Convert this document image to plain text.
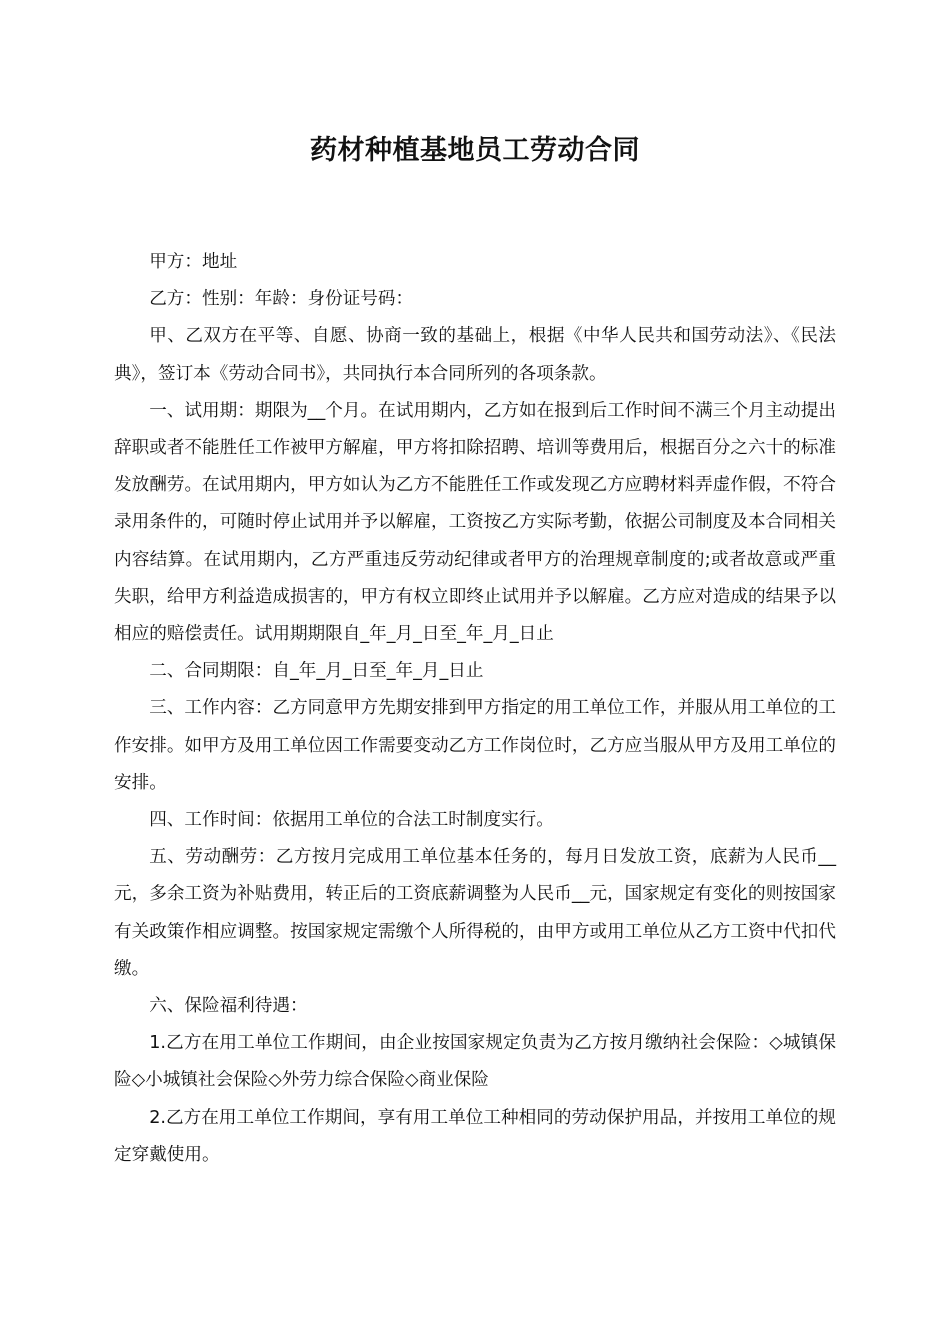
药材种植基地员工劳动合同

甲方：地址

乙方：性别：年龄：身份证号码：

甲、乙双方在平等、自愿、协商一致的基础上，根据《中华人民共和国劳动法》、《民法典》，签订本《劳动合同书》，共同执行本合同所列的各项条款。

一、试用期：期限为__个月。在试用期内，乙方如在报到后工作时间不满三个月主动提出辞职或者不能胜任工作被甲方解雇，甲方将扣除招聘、培训等费用后，根据百分之六十的标准发放酬劳。在试用期内，甲方如认为乙方不能胜任工作或发现乙方应聘材料弄虚作假，不符合录用条件的，可随时停止试用并予以解雇，工资按乙方实际考勤，依据公司制度及本合同相关内容结算。在试用期内，乙方严重违反劳动纪律或者甲方的治理规章制度的;或者故意或严重失职，给甲方利益造成损害的，甲方有权立即终止试用并予以解雇。乙方应对造成的结果予以相应的赔偿责任。试用期期限自_年_月_日至_年_月_日止

二、合同期限：自_年_月_日至_年_月_日止

三、工作内容：乙方同意甲方先期安排到甲方指定的用工单位工作，并服从用工单位的工作安排。如甲方及用工单位因工作需要变动乙方工作岗位时，乙方应当服从甲方及用工单位的安排。

四、工作时间：依据用工单位的合法工时制度实行。

五、劳动酬劳：乙方按月完成用工单位基本任务的，每月日发放工资，底薪为人民币__元，多余工资为补贴费用，转正后的工资底薪调整为人民币__元，国家规定有变化的则按国家有关政策作相应调整。按国家规定需缴个人所得税的，由甲方或用工单位从乙方工资中代扣代缴。

六、保险福利待遇：

1.乙方在用工单位工作期间，由企业按国家规定负责为乙方按月缴纳社会保险：◇城镇保险◇小城镇社会保险◇外劳力综合保险◇商业保险

2.乙方在用工单位工作期间，享有用工单位工种相同的劳动保护用品，并按用工单位的规定穿戴使用。
